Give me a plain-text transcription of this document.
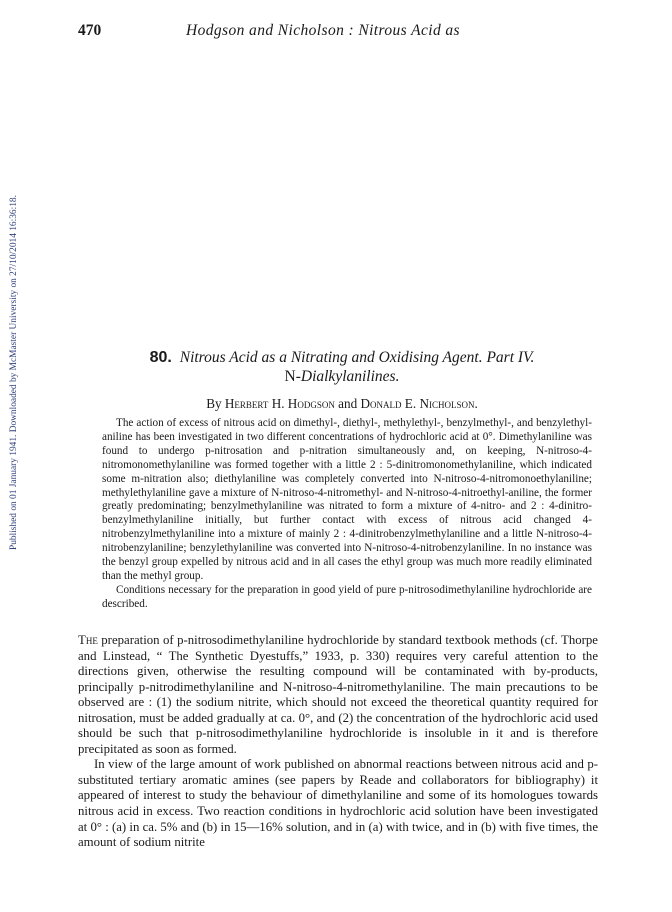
470	Hodgson and Nicholson : Nitrous Acid as
Published on 01 January 1941. Downloaded by McMaster University on 27/10/2014 16:36:18.	80. Nitrous Acid as a Nitrating and Oxidising Agent. Part IV.
N-Dialkylanilines.
By Herbert H. Hodgson and Donald E. Nicholson.

The action of excess of nitrous acid on dimethyl-, diethyl-, methylethyl-, benzylmethyl-, and benzylethyl-aniline has been investigated in two different concentrations of hydrochloric acid at 0°. Dimethylaniline was found to undergo p-nitrosation and p-nitration simultaneously and, on keeping, N-nitroso-4-nitromonomethylaniline was formed together with a little 2 : 5-dinitromonomethylaniline, which indicated some m-nitration also; diethylaniline was completely converted into N-nitroso-4-nitromonoethylaniline; methylethylaniline gave a mixture of N-nitroso-4-nitromethyl- and N-nitroso-4-nitroethyl-aniline, the former greatly predominating; benzylmethylaniline was nitrated to form a mixture of 4-nitro- and 2 : 4-dinitro-benzylmethylaniline initially, but further contact with excess of nitrous acid changed 4-nitrobenzylmethylaniline into a mixture of mainly 2 : 4-dinitrobenzylmethylaniline and a little N-nitroso-4-nitrobenzylaniline; benzylethylaniline was converted into N-nitroso-4-nitrobenzylaniline. In no instance was the benzyl group expelled by nitrous acid and in all cases the ethyl group was much more readily eliminated than the methyl group.

Conditions necessary for the preparation in good yield of pure p-nitrosodimethylaniline hydrochloride are described.

The preparation of p-nitrosodimethylaniline hydrochloride by standard textbook methods (cf. Thorpe and Linstead, “ The Synthetic Dyestuffs,” 1933, p. 330) requires very careful attention to the directions given, otherwise the resulting compound will be contaminated with by-products, principally p-nitrodimethylaniline and N-nitroso-4-nitromethylaniline. The main precautions to be observed are : (1) the sodium nitrite, which should not exceed the theoretical quantity required for nitrosation, must be added gradually at ca. 0°, and (2) the concentration of the hydrochloric acid used should be such that p-nitrosodimethylaniline hydrochloride is insoluble in it and is therefore precipitated as soon as formed.

In view of the large amount of work published on abnormal reactions between nitrous acid and p-substituted tertiary aromatic amines (see papers by Reade and collaborators for bibliography) it appeared of interest to study the behaviour of dimethylaniline and some of its homologues towards nitrous acid in excess. Two reaction conditions in hydrochloric acid solution have been investigated at 0° : (a) in ca. 5% and (b) in 15—16% solution, and in (a) with twice, and in (b) with five times, the amount of sodium nitrite
